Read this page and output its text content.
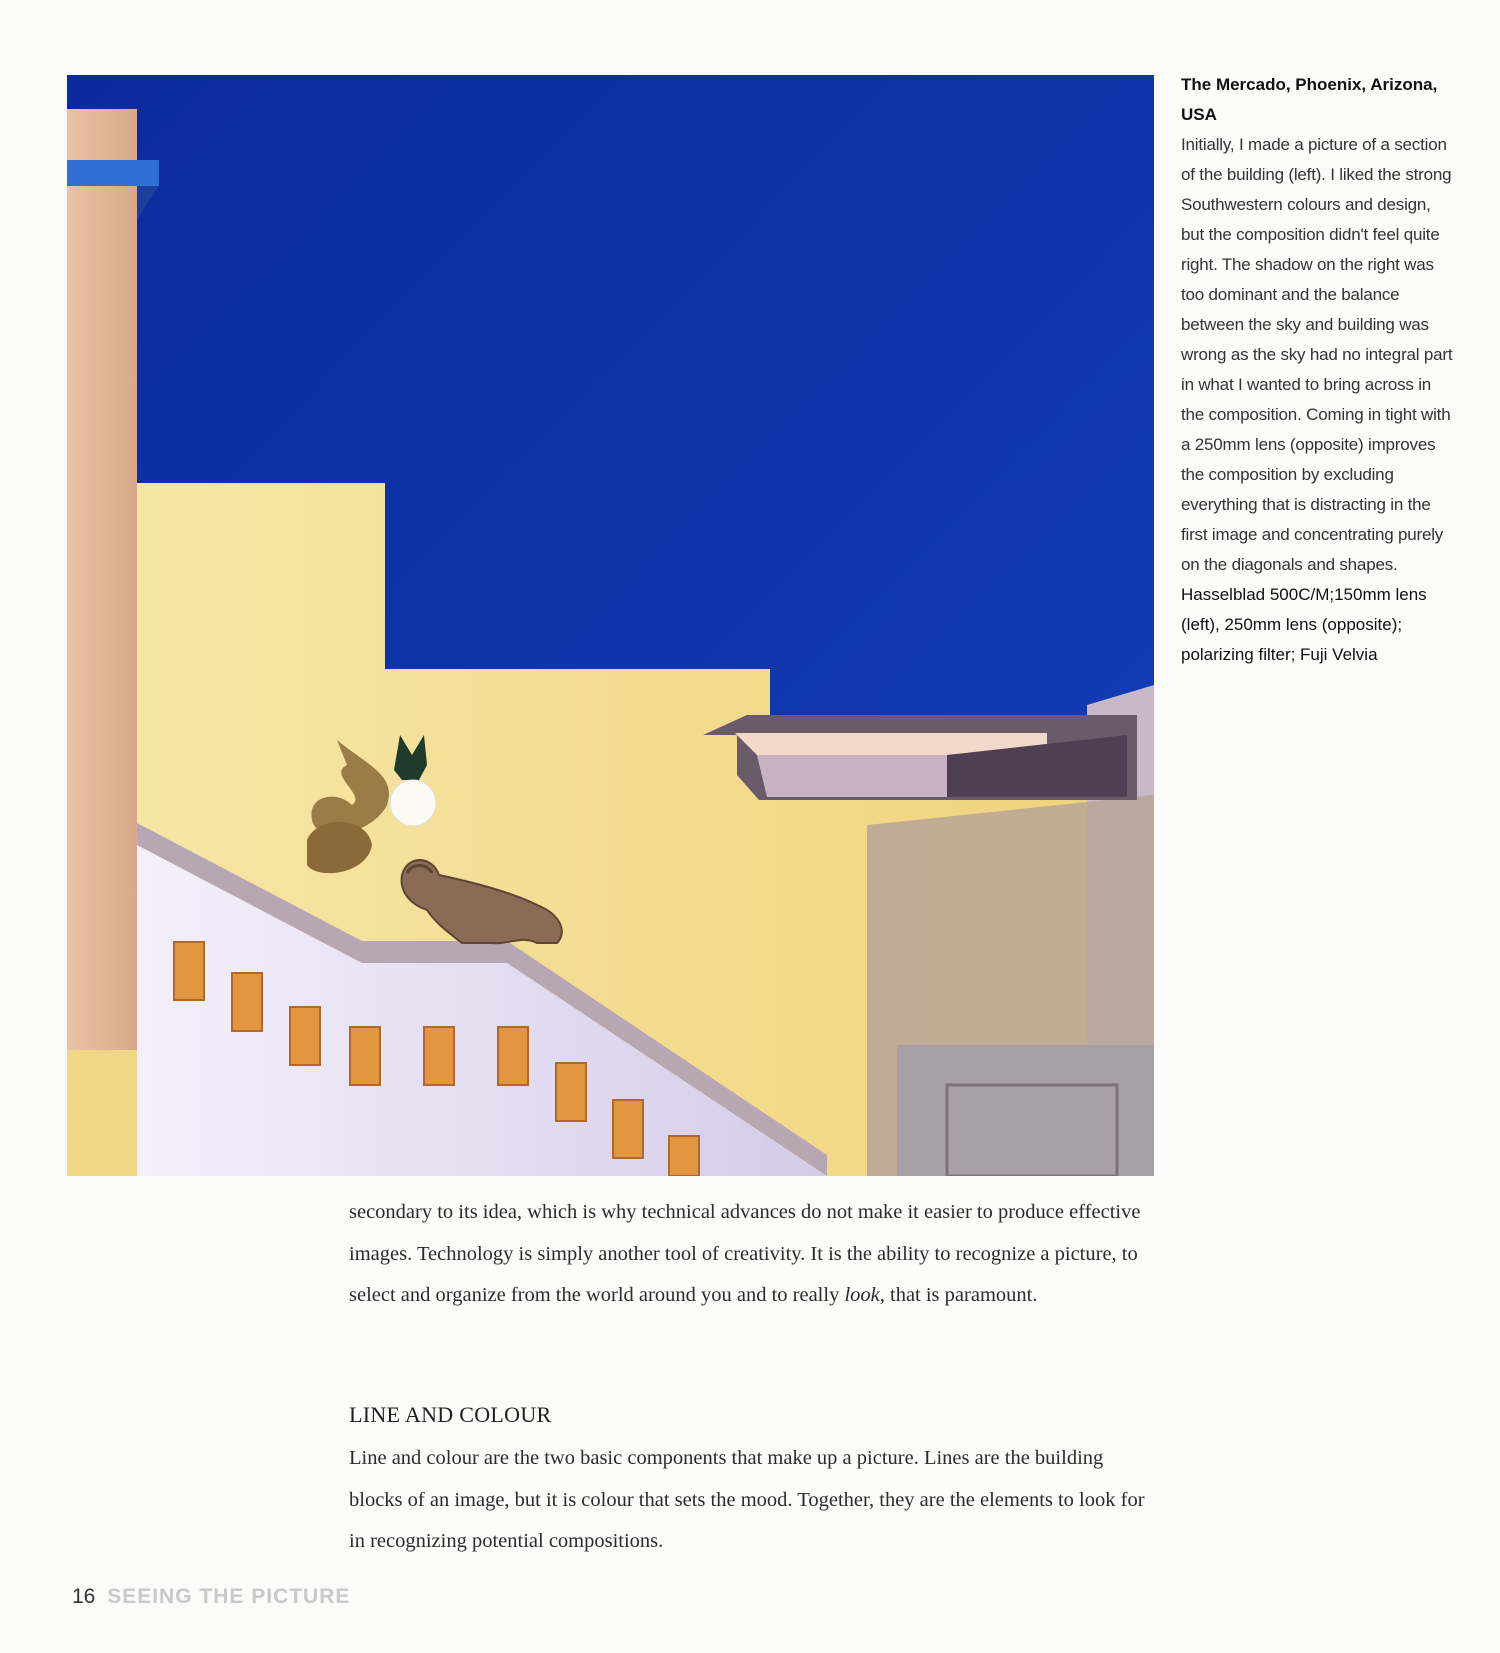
The Mercado, Phoenix, Arizona, USA

Initially, I made a picture of a section of the building (left). I liked the strong Southwestern colours and design, but the composition didn't feel quite right. The shadow on the right was too dominant and the balance between the sky and building was wrong as the sky had no integral part in what I wanted to bring across in the composition. Coming in tight with a 250mm lens (opposite) improves the composition by excluding everything that is distracting in the first image and concentrating purely on the diagonals and shapes.

Hasselblad 500C/M;150mm lens (left), 250mm lens (opposite); polarizing filter; Fuji Velvia

secondary to its idea, which is why technical advances do not make it easier to produce effective images. Technology is simply another tool of creativity. It is the ability to recognize a picture, to select and organize from the world around you and to really look, that is paramount.

LINE AND COLOUR

Line and colour are the two basic components that make up a picture. Lines are the building blocks of an image, but it is colour that sets the mood. Together, they are the elements to look for in recognizing potential compositions.

16 SEEING THE PICTURE
